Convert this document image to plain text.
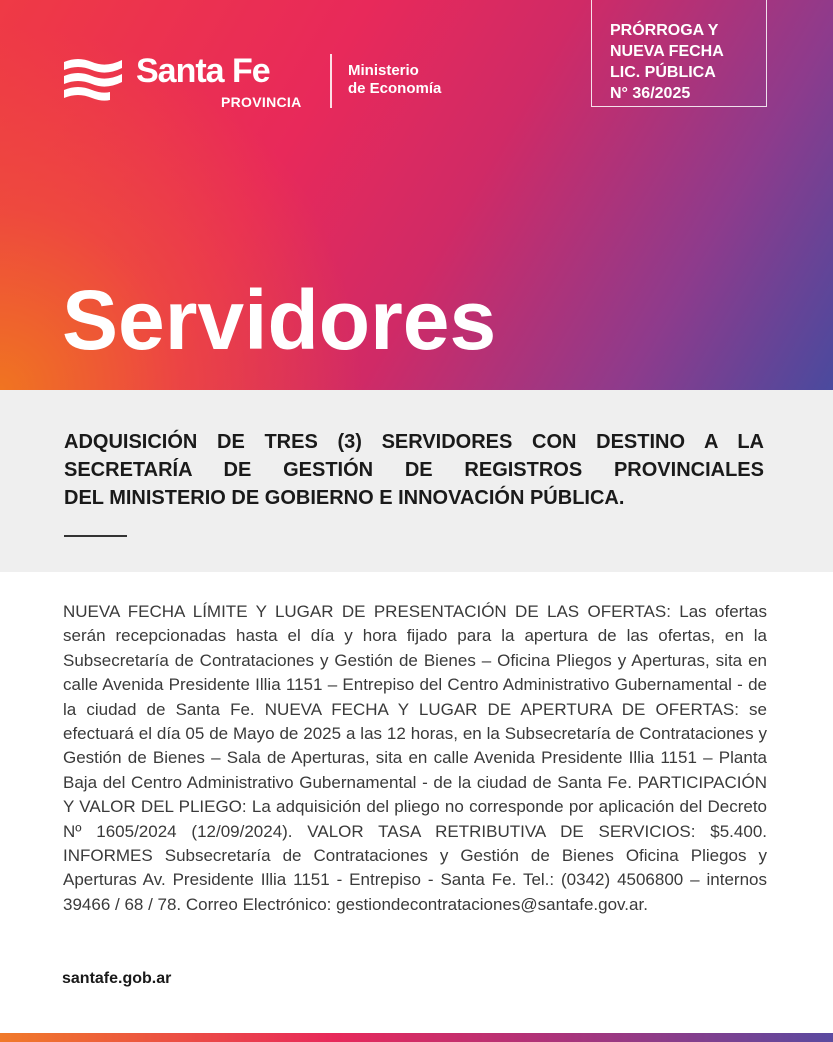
Santa Fe
PROVINCIA
Ministerio
de Economía
PRÓRROGA Y
NUEVA FECHA
LIC. PÚBLICA
N° 36/2025
Servidores
ADQUISICIÓN DE TRES (3) SERVIDORES CON DESTINO A LA
SECRETARÍA DE GESTIÓN DE REGISTROS PROVINCIALES
DEL MINISTERIO DE GOBIERNO E INNOVACIÓN PÚBLICA.
NUEVA FECHA LÍMITE Y LUGAR DE PRESENTACIÓN DE LAS OFERTAS: Las ofertas serán recepcionadas hasta el día y hora fijado para la apertura de las ofertas, en la Subsecretaría de Contrataciones y Gestión de Bienes – Oficina Pliegos y Aperturas, sita en calle Avenida Presidente Illia 1151 – Entrepiso del Centro Administrativo Gubernamental - de la ciudad de Santa Fe. NUEVA FECHA Y LUGAR DE APERTURA DE OFERTAS: se efectuará el día 05 de Mayo de 2025 a las 12 horas, en la Subsecretaría de Contrataciones y Gestión de Bienes – Sala de Aperturas, sita en calle Avenida Presidente Illia 1151 – Planta Baja del Centro Administrativo Gubernamental - de la ciudad de Santa Fe. PARTICIPACIÓN Y VALOR DEL PLIEGO: La adquisición del pliego no corresponde por aplicación del Decreto Nº 1605/2024 (12/09/2024). VALOR TASA RETRIBUTIVA DE SERVICIOS: $5.400. INFORMES Subsecretaría de Contrataciones y Gestión de Bienes Oficina Pliegos y Aperturas Av. Presidente Illia 1151 - Entrepiso - Santa Fe. Tel.: (0342) 4506800 – internos 39466 / 68 / 78. Correo Electrónico: gestiondecontrataciones@santafe.gov.ar.
santafe.gob.ar
